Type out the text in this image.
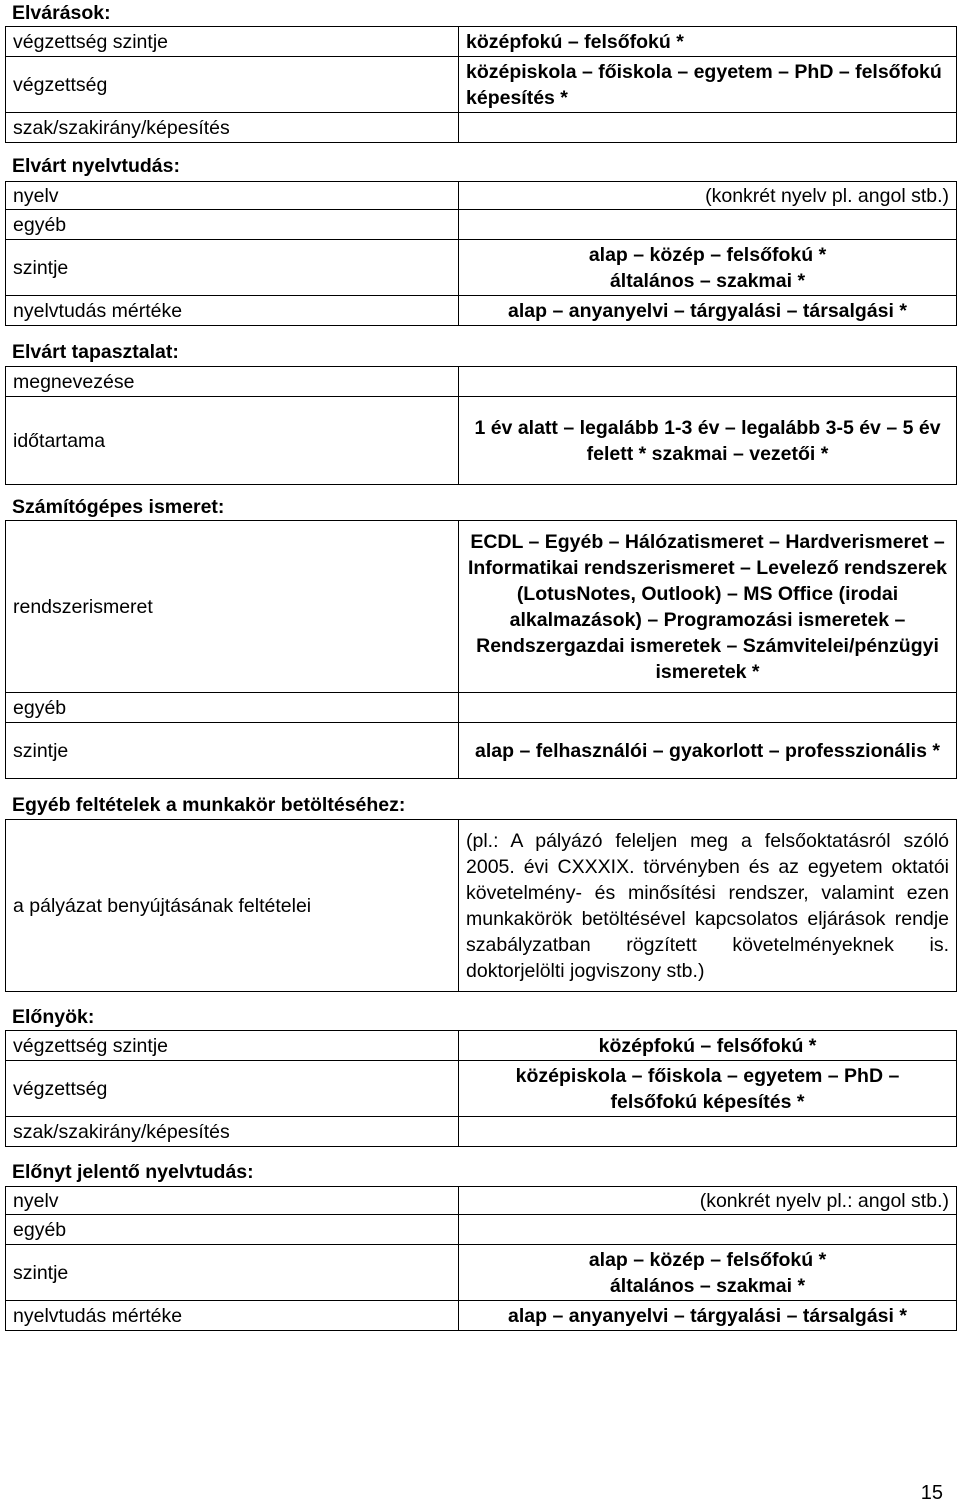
Elvárások:
végzettség szintje	középfokú – felsőfokú *
végzettség	középiskola – főiskola – egyetem – PhD – felsőfokú képesítés *
szak/szakirány/képesítés	
Elvárt nyelvtudás:
nyelv	(konkrét nyelv pl. angol stb.)
egyéb	
szintje	alap – közép – felsőfokú * általános – szakmai *
nyelvtudás mértéke	alap – anyanyelvi – tárgyalási – társalgási *
Elvárt tapasztalat:
megnevezése	
időtartama	1 év alatt – legalább 1-3 év – legalább 3-5 év – 5 év felett * szakmai – vezetői *
Számítógépes ismeret:
rendszerismeret	ECDL – Egyéb – Hálózatismeret – Hardverismeret – Informatikai rendszerismeret – Levelező rendszerek (LotusNotes, Outlook) – MS Office (irodai alkalmazások) – Programozási ismeretek – Rendszergazdai ismeretek – Számvitelei/pénzügyi ismeretek *
egyéb	
szintje	alap – felhasználói – gyakorlott – professzionális *
Egyéb feltételek a munkakör betöltéséhez:
a pályázat benyújtásának feltételei	(pl.: A pályázó feleljen meg a felsőoktatásról szóló 2005. évi CXXXIX. törvényben és az egyetem oktatói követelmény- és minősítési rendszer, valamint ezen munkakörök betöltésével kapcsolatos eljárások rendje szabályzatban rögzített követelményeknek is. doktorjelölti jogviszony stb.)
Előnyök:
végzettség szintje	középfokú – felsőfokú *
végzettség	középiskola – főiskola – egyetem – PhD – felsőfokú képesítés *
szak/szakirány/képesítés	
Előnyt jelentő nyelvtudás:
nyelv	(konkrét nyelv pl.: angol stb.)
egyéb	
szintje	alap – közép – felsőfokú * általános – szakmai *
nyelvtudás mértéke	alap – anyanyelvi – tárgyalási – társalgási *
15
